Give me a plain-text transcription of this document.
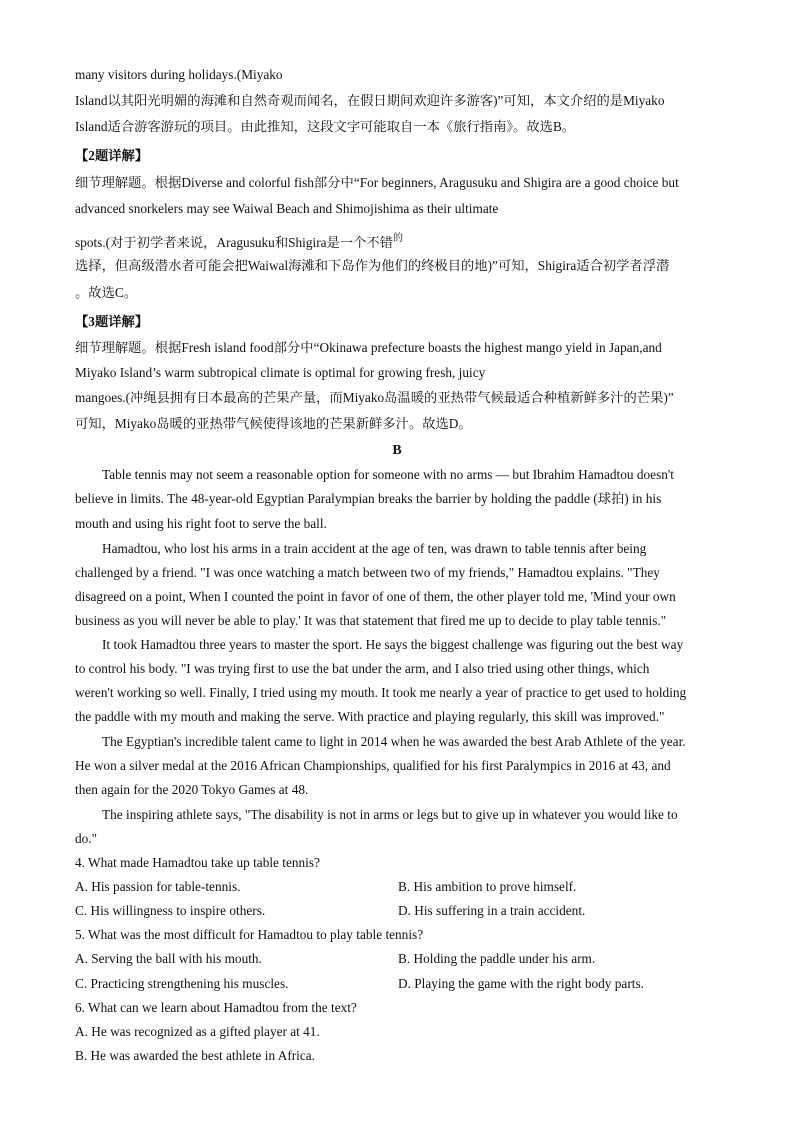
many visitors during holidays.(Miyako
Island以其阳光明媚的海滩和自然奇观而闻名，在假日期间欢迎许多游客)”可知，本文介绍的是Miyako
Island适合游客游玩的项目。由此推知，这段文字可能取自一本《旅行指南》。故选B。
【2题详解】
细节理解题。根据Diverse and colorful fish部分中“For beginners, Aragusuku and Shigira are a good choice but
advanced snorkelers may see Waiwal Beach and Shimojishima as their ultimate
spots.(对于初学者来说，Aragusuku和Shigira是一个不错$^的$
选择，但高级潜水者可能会把Waiwal海滩和下岛作为他们的终极目的地)”可知，Shigira适合初学者浮潜
。故选C。
【3题详解】
细节理解题。根据Fresh island food部分中“Okinawa prefecture boasts the highest mango yield in Japan,and
Miyako Island’s warm subtropical climate is optimal for growing fresh, juicy
mangoes.(冲绳县拥有日本最高的芒果产量，而Miyako岛温暖的亚热带气候最适合种植新鲜多汁的芒果)”
可知，Miyako岛暖的亚热带气候使得该地的芒果新鲜多汁。故选D。
B
Table tennis may not seem a reasonable option for someone with no arms — but Ibrahim Hamadtou doesn't
believe in limits. The 48-year-old Egyptian Paralympian breaks the barrier by holding the paddle (球拍) in his
mouth and using his right foot to serve the ball.
Hamadtou, who lost his arms in a train accident at the age of ten, was drawn to table tennis after being
challenged by a friend. "I was once watching a match between two of my friends," Hamadtou explains. "They
disagreed on a point, When I counted the point in favor of one of them, the other player told me, 'Mind your own
business as you will never be able to play.' It was that statement that fired me up to decide to play table tennis."
It took Hamadtou three years to master the sport. He says the biggest challenge was figuring out the best way
to control his body. "I was trying first to use the bat under the arm, and I also tried using other things, which
weren't working so well. Finally, I tried using my mouth. It took me nearly a year of practice to get used to holding
the paddle with my mouth and making the serve. With practice and playing regularly, this skill was improved."
The Egyptian's incredible talent came to light in 2014 when he was awarded the best Arab Athlete of the year.
He won a silver medal at the 2016 African Championships, qualified for his first Paralympics in 2016 at 43, and
then again for the 2020 Tokyo Games at 48.
The inspiring athlete says, "The disability is not in arms or legs but to give up in whatever you would like to
do."
4. What made Hamadtou take up table tennis?
A. His passion for table-tennis.	B. His ambition to prove himself.
C. His willingness to inspire others.	D. His suffering in a train accident.
5. What was the most difficult for Hamadtou to play table tennis?
A. Serving the ball with his mouth.	B. Holding the paddle under his arm.
C. Practicing strengthening his muscles.	D. Playing the game with the right body parts.
6. What can we learn about Hamadtou from the text?
A. He was recognized as a gifted player at 41.
B. He was awarded the best athlete in Africa.
